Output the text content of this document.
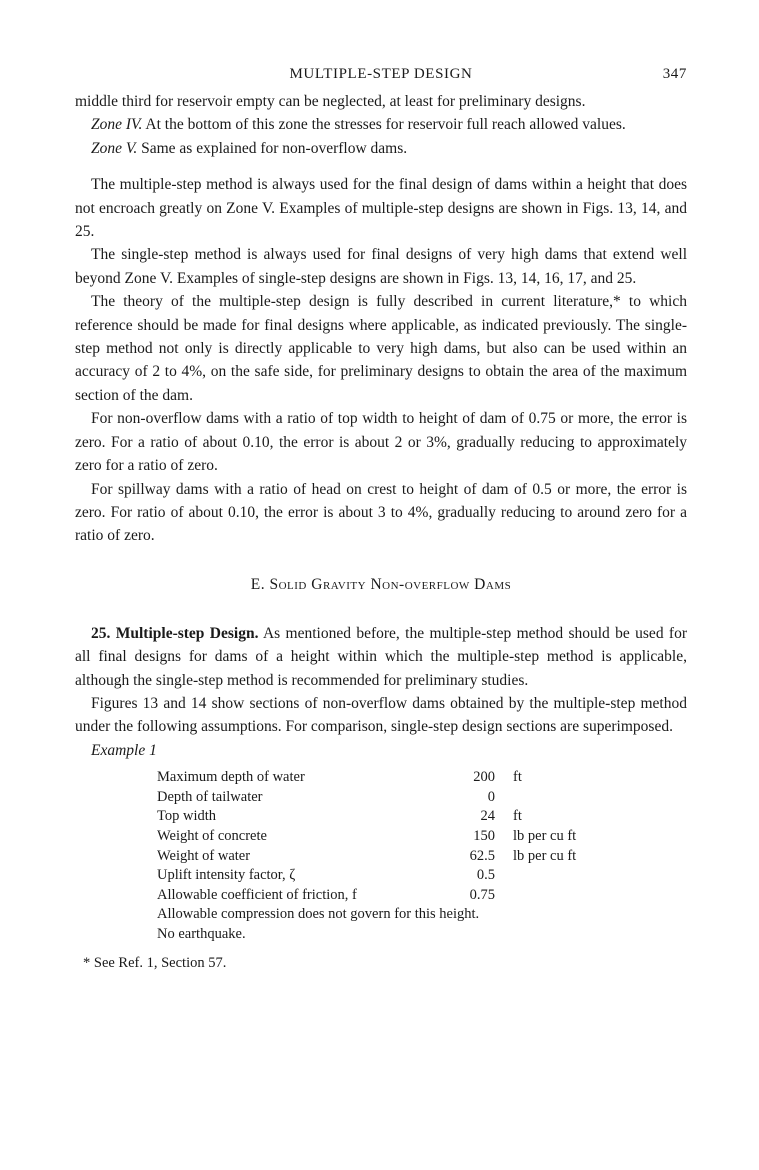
MULTIPLE-STEP DESIGN	347

middle third for reservoir empty can be neglected, at least for preliminary designs.

Zone IV. At the bottom of this zone the stresses for reservoir full reach allowed values.

Zone V. Same as explained for non-overflow dams.

The multiple-step method is always used for the final design of dams within a height that does not encroach greatly on Zone V. Examples of multiple-step designs are shown in Figs. 13, 14, and 25.

The single-step method is always used for final designs of very high dams that extend well beyond Zone V. Examples of single-step designs are shown in Figs. 13, 14, 16, 17, and 25.

The theory of the multiple-step design is fully described in current literature,* to which reference should be made for final designs where applicable, as indicated previously. The single-step method not only is directly applicable to very high dams, but also can be used within an accuracy of 2 to 4%, on the safe side, for preliminary designs to obtain the area of the maximum section of the dam.

For non-overflow dams with a ratio of top width to height of dam of 0.75 or more, the error is zero. For a ratio of about 0.10, the error is about 2 or 3%, gradually reducing to approximately zero for a ratio of zero.

For spillway dams with a ratio of head on crest to height of dam of 0.5 or more, the error is zero. For ratio of about 0.10, the error is about 3 to 4%, gradually reducing to around zero for a ratio of zero.

E. Solid Gravity Non-overflow Dams

25. Multiple-step Design. As mentioned before, the multiple-step method should be used for all final designs for dams of a height within which the multiple-step method is applicable, although the single-step method is recommended for preliminary studies.

Figures 13 and 14 show sections of non-overflow dams obtained by the multiple-step method under the following assumptions. For comparison, single-step design sections are superimposed.

Example 1

Maximum depth of water	200	ft
Depth of tailwater	0
Top width	24	ft
Weight of concrete	150	lb per cu ft
Weight of water	62.5	lb per cu ft
Uplift intensity factor, ζ	0.5
Allowable coefficient of friction, f	0.75
Allowable compression does not govern for this height.
No earthquake.
* See Ref. 1, Section 57.
